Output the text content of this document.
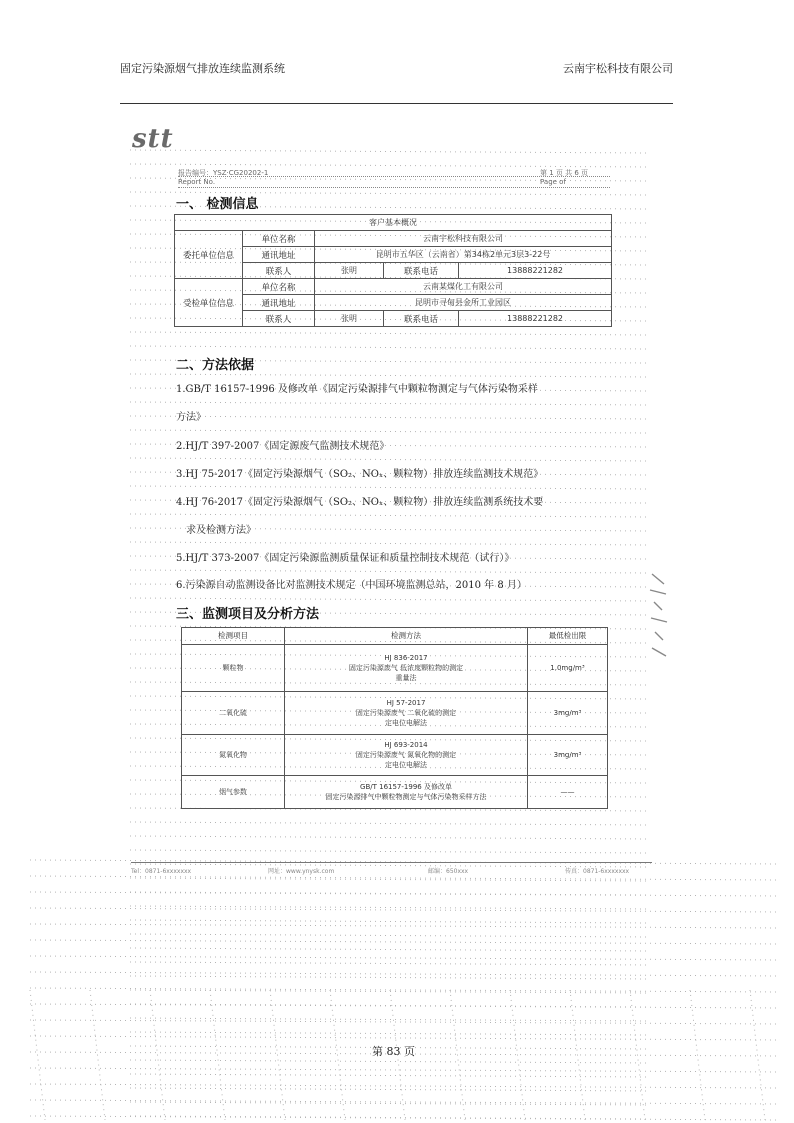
固定污染源烟气排放连续监测系统	云南宇松科技有限公司
stt
报告编号：YSZ·CG20202-1
Report No.
第 1 页 共 6 页
Page of
一、 检测信息
客户基本概况				
委托单位信息	单位名称	云南宇松科技有限公司		
	通讯地址	昆明市五华区（云南省）第34栋2单元3层3-22号		
	联系人	张明	联系电话	13888221282
受检单位信息	单位名称	云南某煤化工有限公司		
	通讯地址	昆明市寻甸县金所工业园区		
	联系人	张明	联系电话	13888221282
二、方法依据
1.GB/T 16157-1996 及修改单《固定污染源排气中颗粒物测定与气体污染物采样
方法》
2.HJ/T 397-2007《固定源废气监测技术规范》
3.HJ 75-2017《固定污染源烟气（SO₂、NOₓ、颗粒物）排放连续监测技术规范》
4.HJ 76-2017《固定污染源烟气（SO₂、NOₓ、颗粒物）排放连续监测系统技术要
求及检测方法》
5.HJ/T 373-2007《固定污染源监测质量保证和质量控制技术规范（试行）》
6.污染源自动监测设备比对监测技术规定（中国环境监测总站，2010 年 8 月）
三、监测项目及分析方法
检测项目	检测方法	最低检出限
颗粒物	HJ 836-2017
固定污染源废气 低浓度颗粒物的测定
重量法	1.0mg/m³
二氧化硫	HJ 57-2017
固定污染源废气 二氧化硫的测定
定电位电解法	3mg/m³
氮氧化物	HJ 693-2014
固定污染源废气 氮氧化物的测定
定电位电解法	3mg/m³
烟气参数	GB/T 16157-1996 及修改单
固定污染源排气中颗粒物测定与气体污染物采样方法	——
Tel：0871-6xxxxxxx	网址：www.ynysk.com	邮编：650xxx	传真：0871-6xxxxxxx
第 83 页
